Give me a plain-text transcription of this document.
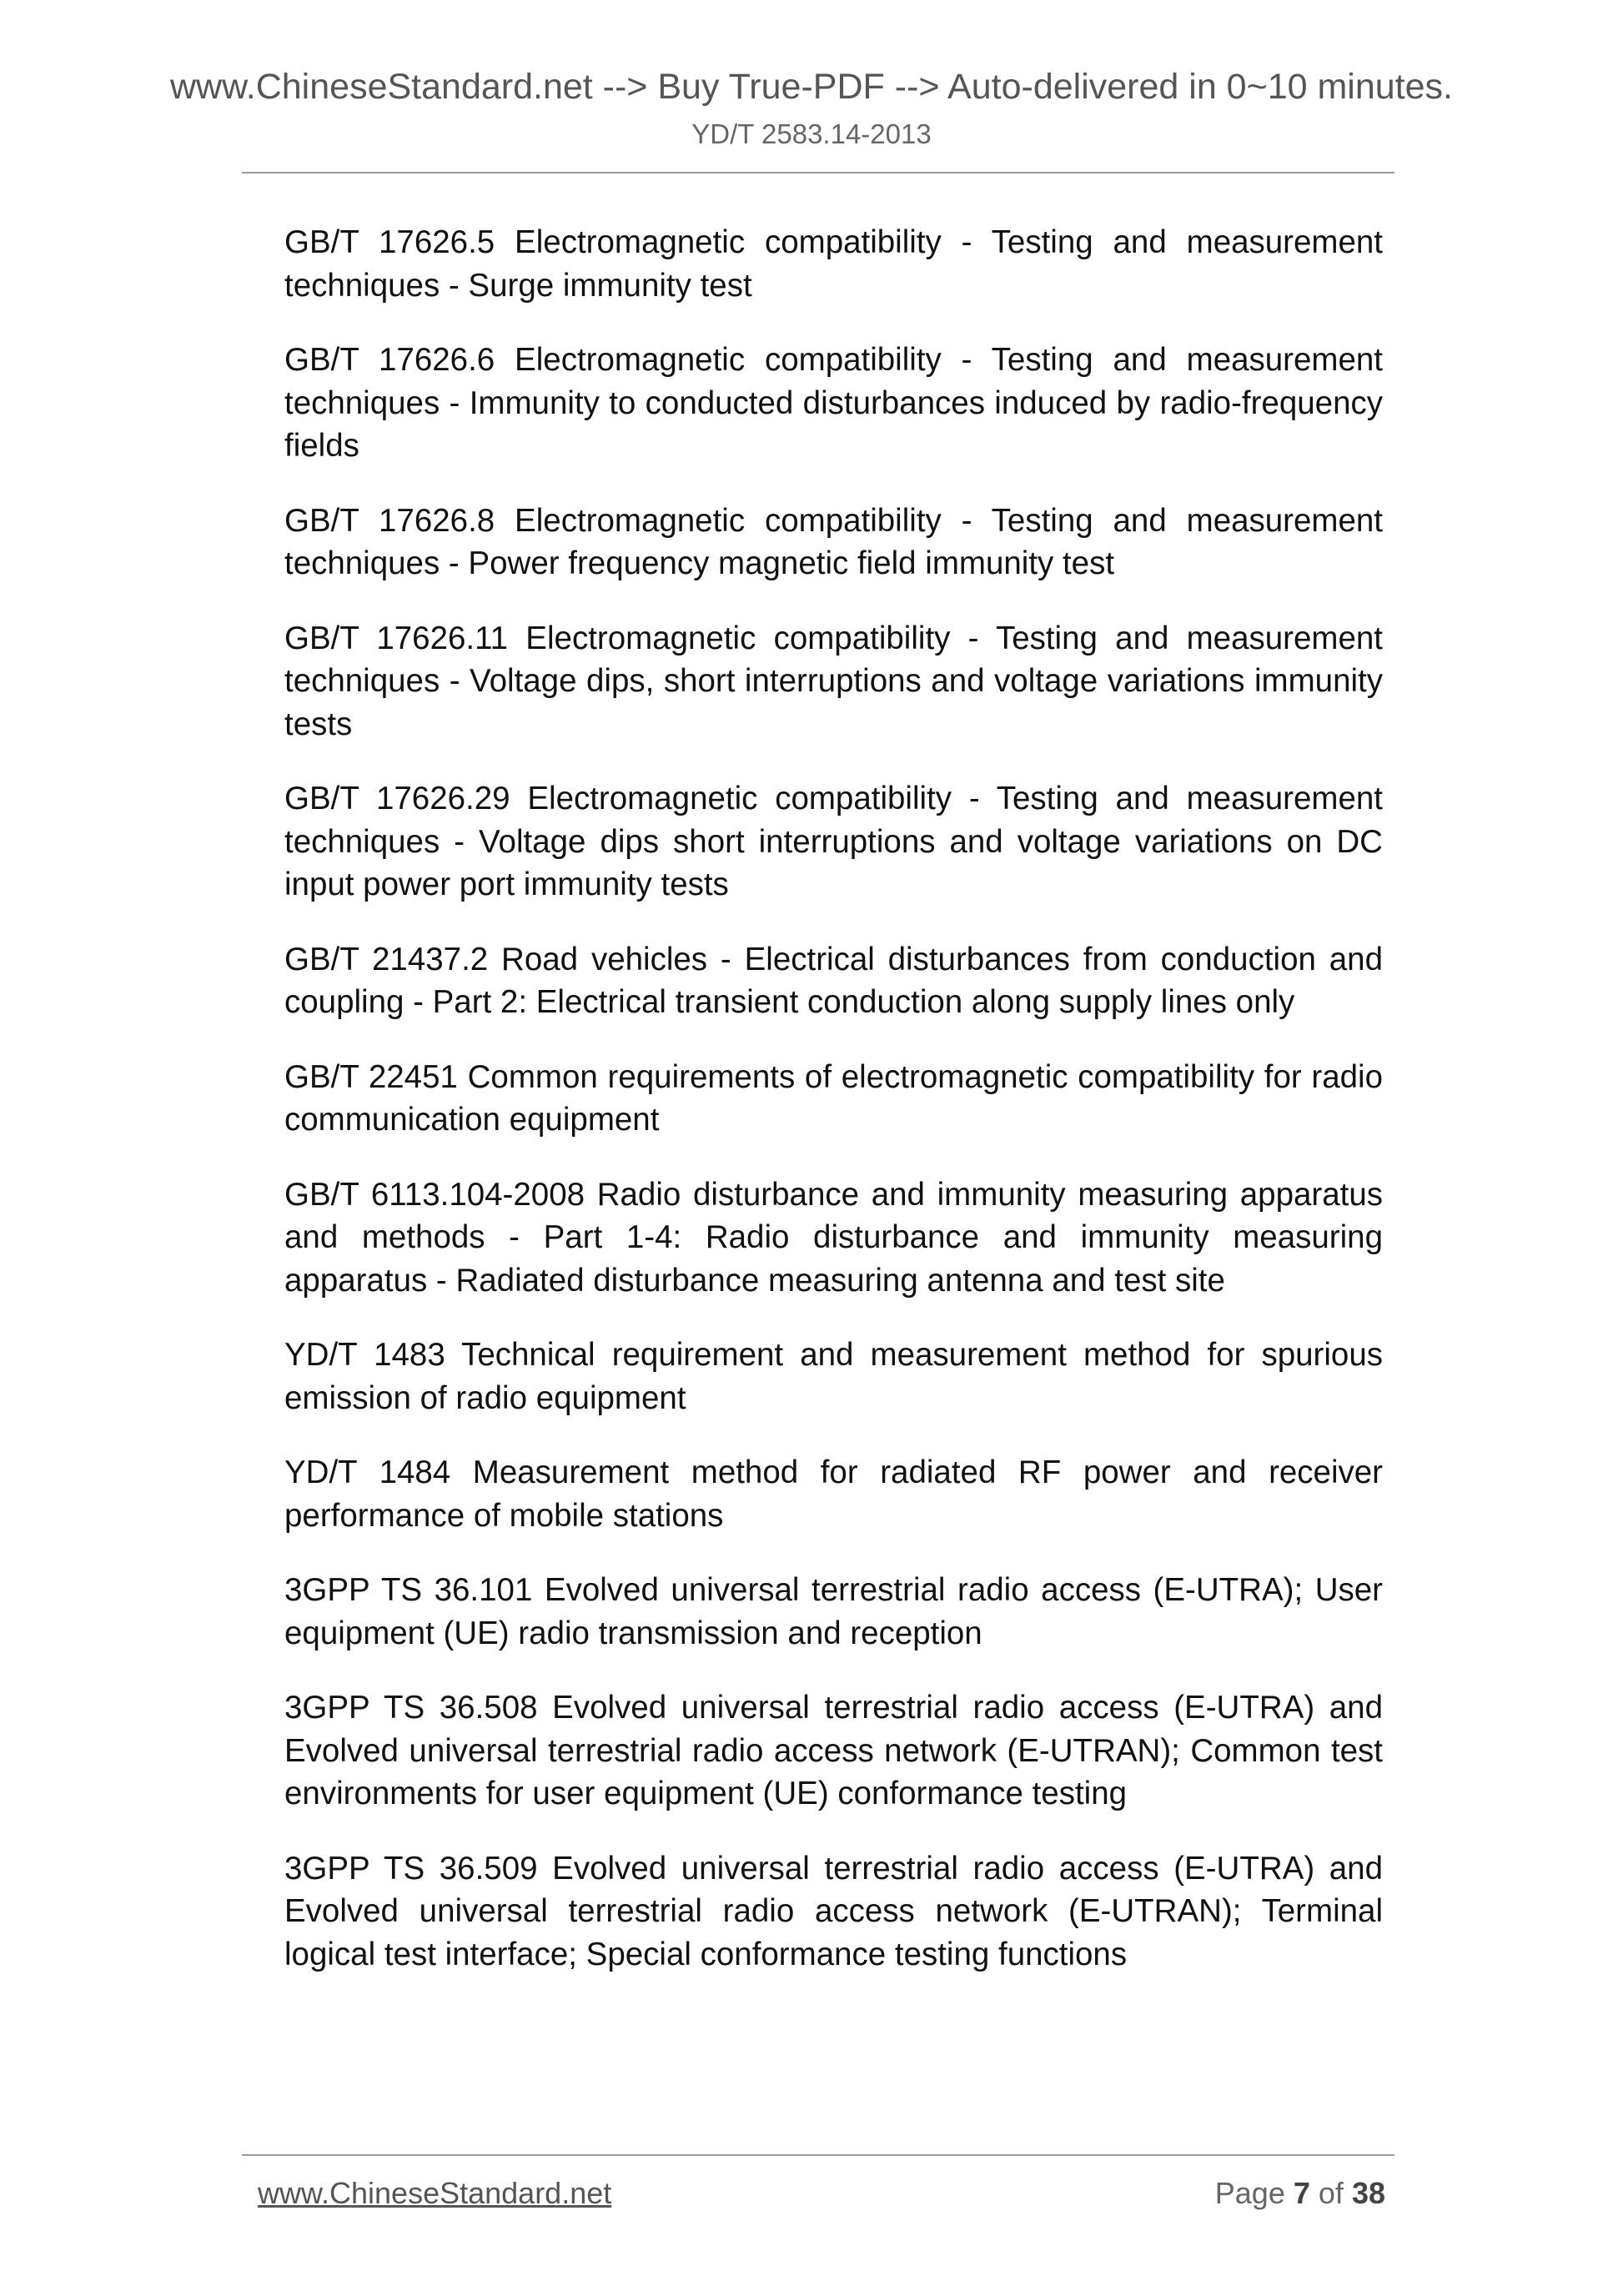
www.ChineseStandard.net --> Buy True-PDF --> Auto-delivered in 0~10 minutes.
YD/T 2583.14-2013

GB/T 17626.5 Electromagnetic compatibility - Testing and measurement techniques - Surge immunity test

GB/T 17626.6 Electromagnetic compatibility - Testing and measurement techniques - Immunity to conducted disturbances induced by radio-frequency fields

GB/T 17626.8 Electromagnetic compatibility - Testing and measurement techniques - Power frequency magnetic field immunity test

GB/T 17626.11 Electromagnetic compatibility - Testing and measurement techniques - Voltage dips, short interruptions and voltage variations immunity tests

GB/T 17626.29 Electromagnetic compatibility - Testing and measurement techniques - Voltage dips short interruptions and voltage variations on DC input power port immunity tests

GB/T 21437.2 Road vehicles - Electrical disturbances from conduction and coupling - Part 2: Electrical transient conduction along supply lines only

GB/T 22451 Common requirements of electromagnetic compatibility for radio communication equipment

GB/T 6113.104-2008 Radio disturbance and immunity measuring apparatus and methods - Part 1-4: Radio disturbance and immunity measuring apparatus - Radiated disturbance measuring antenna and test site

YD/T 1483 Technical requirement and measurement method for spurious emission of radio equipment

YD/T 1484 Measurement method for radiated RF power and receiver performance of mobile stations

3GPP TS 36.101 Evolved universal terrestrial radio access (E-UTRA); User equipment (UE) radio transmission and reception

3GPP TS 36.508 Evolved universal terrestrial radio access (E-UTRA) and Evolved universal terrestrial radio access network (E-UTRAN); Common test environments for user equipment (UE) conformance testing

3GPP TS 36.509 Evolved universal terrestrial radio access (E-UTRA) and Evolved universal terrestrial radio access network (E-UTRAN); Terminal logical test interface; Special conformance testing functions

www.ChineseStandard.net	Page 7 of 38
